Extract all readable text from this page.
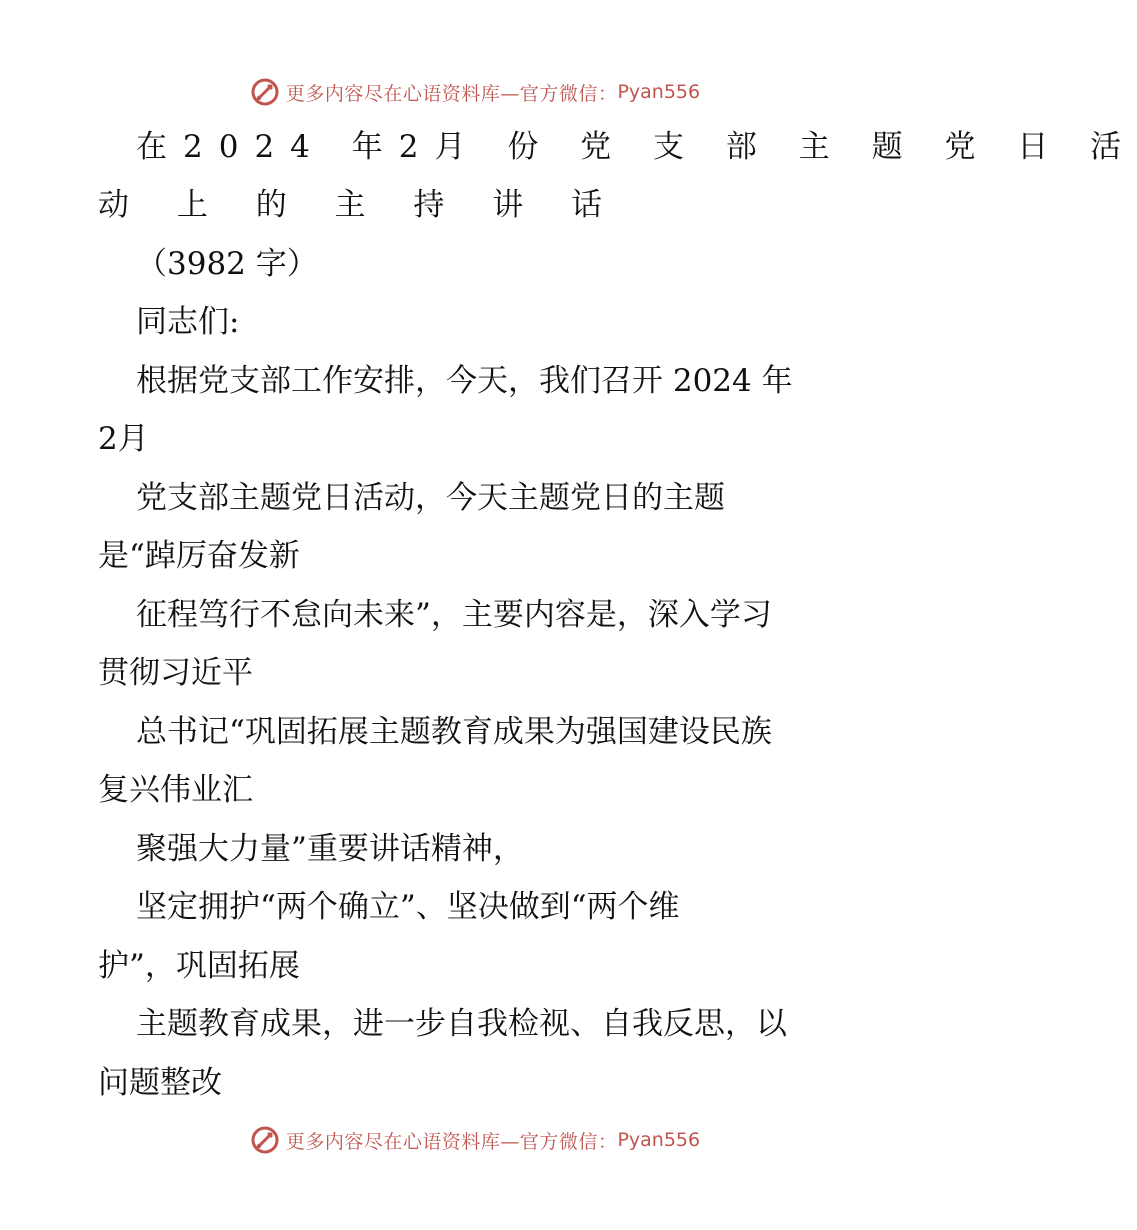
更多内容尽在心语资料库— 官方微信： Pyan556
在2024 年2月 份 党 支 部 主 题 党 日 活
动 上 的 主 持 讲 话
（3982 字）
同志们:
根据党支部工作安排，今天，我们召开 2024 年
2月
党支部主题党日活动，今天主题党日的主题
是“踔厉奋发新
征程笃行不怠向未来”，主要内容是，深入学习
贯彻习近平
总书记“巩固拓展主题教育成果为强国建设民族
复兴伟业汇
聚强大力量”重要讲话精神，
坚定拥护“两个确立”、坚决做到“两个维
护”，巩固拓展
主题教育成果，进一步自我检视、自我反思，以
问题整改
更多内容尽在心语资料库— 官方微信： Pyan556
